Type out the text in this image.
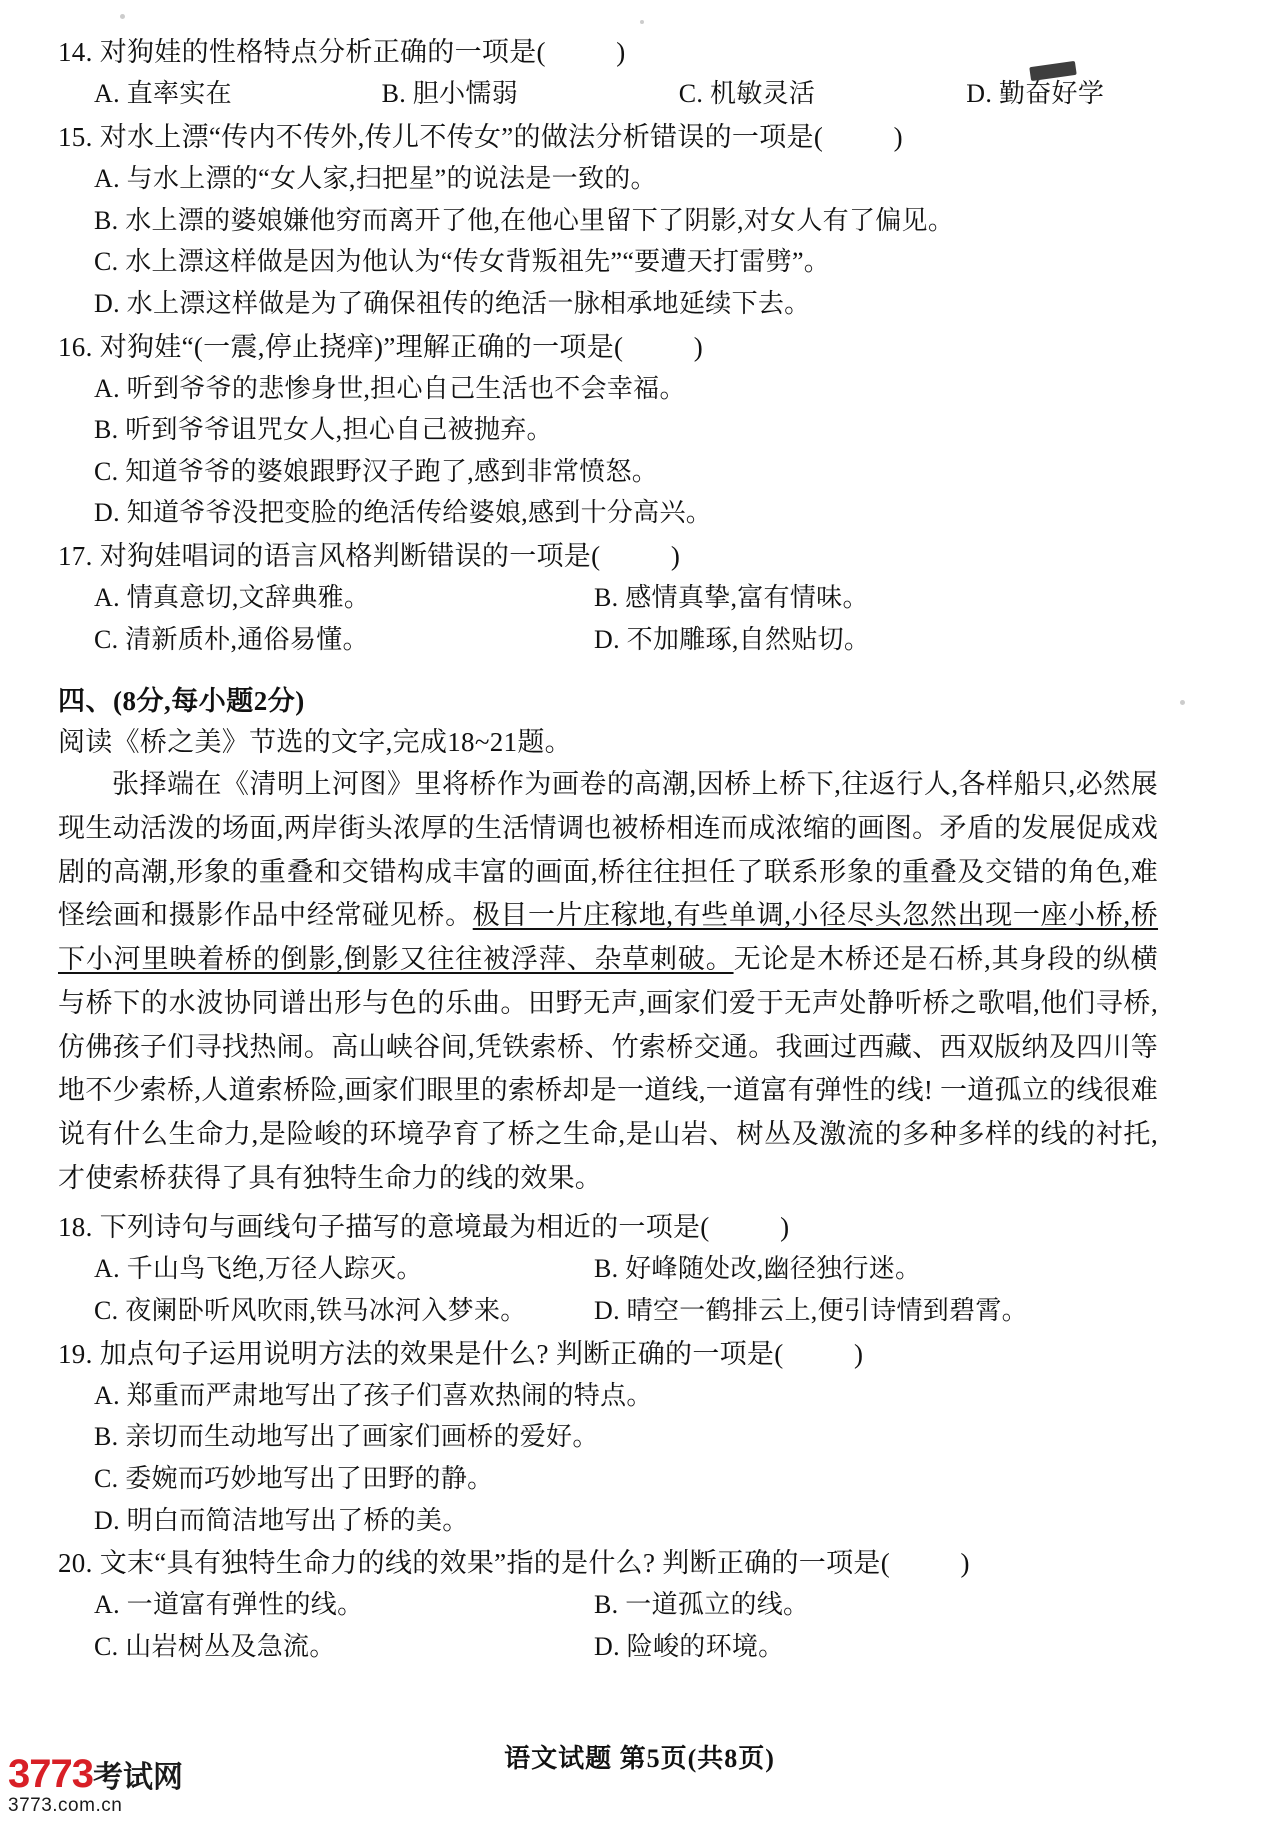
14. 对狗娃的性格特点分析正确的一项是(          )
A. 直率实在	B. 胆小懦弱	C. 机敏灵活	D. 勤奋好学
15. 对水上漂“传内不传外,传儿不传女”的做法分析错误的一项是(          )
A. 与水上漂的“女人家,扫把星”的说法是一致的。
B. 水上漂的婆娘嫌他穷而离开了他,在他心里留下了阴影,对女人有了偏见。
C. 水上漂这样做是因为他认为“传女背叛祖先”“要遭天打雷劈”。
D. 水上漂这样做是为了确保祖传的绝活一脉相承地延续下去。
16. 对狗娃“(一震,停止挠痒)”理解正确的一项是(          )
A. 听到爷爷的悲惨身世,担心自己生活也不会幸福。
B. 听到爷爷诅咒女人,担心自己被抛弃。
C. 知道爷爷的婆娘跟野汉子跑了,感到非常愤怒。
D. 知道爷爷没把变脸的绝活传给婆娘,感到十分高兴。
17. 对狗娃唱词的语言风格判断错误的一项是(          )
A. 情真意切,文辞典雅。	B. 感情真挚,富有情味。
C. 清新质朴,通俗易懂。	D. 不加雕琢,自然贴切。
四、(8分,每小题2分)
阅读《桥之美》节选的文字,完成18~21题。
张择端在《清明上河图》里将桥作为画卷的高潮,因桥上桥下,往返行人,各样船只,必然展现生动活泼的场面,两岸街头浓厚的生活情调也被桥相连而成浓缩的画图。矛盾的发展促成戏剧的高潮,形象的重叠和交错构成丰富的画面,桥往往担任了联系形象的重叠及交错的角色,难怪绘画和摄影作品中经常碰见桥。极目一片庄稼地,有些单调,小径尽头忽然出现一座小桥,桥下小河里映着桥的倒影,倒影又往往被浮萍、杂草刺破。无论是木桥还是石桥,其身段的纵横与桥下的水波协同谱出形与色的乐曲。田野无声,画家们爱于无声处静听桥之歌唱,他们寻桥,仿佛孩子们寻找热闹。高山峡谷间,凭铁索桥、竹索桥交通。我画过西藏、西双版纳及四川等地不少索桥,人道索桥险,画家们眼里的索桥却是一道线,一道富有弹性的线! 一道孤立的线很难说有什么生命力,是险峻的环境孕育了桥之生命,是山岩、树丛及激流的多种多样的线的衬托,才使索桥获得了具有独特生命力的线的效果。
18. 下列诗句与画线句子描写的意境最为相近的一项是(          )
A. 千山鸟飞绝,万径人踪灭。	B. 好峰随处改,幽径独行迷。
C. 夜阑卧听风吹雨,铁马冰河入梦来。	D. 晴空一鹤排云上,便引诗情到碧霄。
19. 加点句子运用说明方法的效果是什么? 判断正确的一项是(          )
A. 郑重而严肃地写出了孩子们喜欢热闹的特点。
B. 亲切而生动地写出了画家们画桥的爱好。
C. 委婉而巧妙地写出了田野的静。
D. 明白而简洁地写出了桥的美。
20. 文末“具有独特生命力的线的效果”指的是什么? 判断正确的一项是(          )
A. 一道富有弹性的线。	B. 一道孤立的线。
C. 山岩树丛及急流。	D. 险峻的环境。
语文试题 第5页(共8页)
3773考试网
3773.com.cn
